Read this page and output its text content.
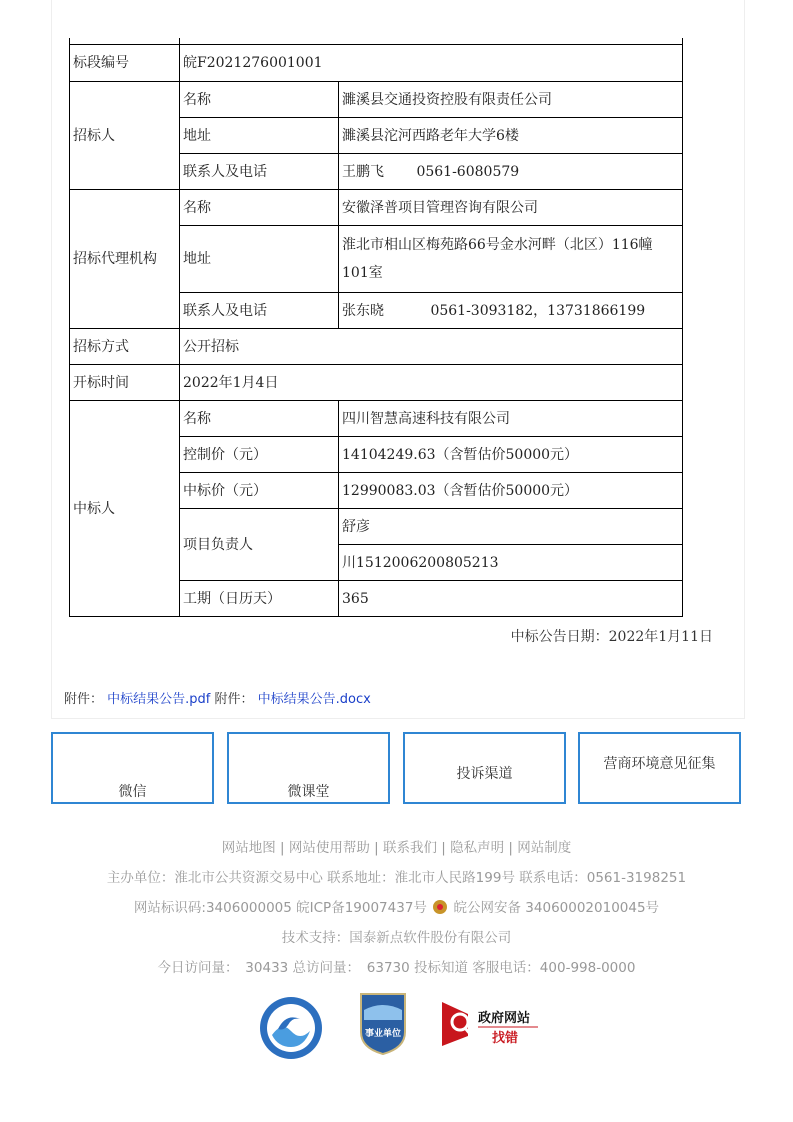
标段编号	皖F2021276001001	
招标人	名称	濉溪县交通投资控股有限责任公司
	地址	濉溪县沱河西路老年大学6楼
	联系人及电话	王鹏飞　　 0561-6080579
招标代理机构	名称	安徽泽普项目管理咨询有限公司
	地址	淮北市相山区梅苑路66号金水河畔（北区）116幢101室
	联系人及电话	张东晓　　　 0561-3093182，13731866199
招标方式	公开招标	
开标时间	2022年1月4日	
中标人	名称	四川智慧高速科技有限公司
	控制价（元）	14104249.63（含暂估价50000元）
	中标价（元）	12990083.03（含暂估价50000元）
	项目负责人	舒彦
		川1512006200805213
	工期（日历天）	365
中标公告日期：2022年1月11日
附件： 中标结果公告.pdf 附件： 中标结果公告.docx
微信	微课堂
投诉渠道
营商环境意见征集
网站地图 | 网站使用帮助 | 联系我们 | 隐私声明 | 网站制度
主办单位：淮北市公共资源交易中心 联系地址：淮北市人民路199号 联系电话：0561-3198251
网站标识码:3406000005 皖ICP备19007437号 皖公网安备 34060002010045号
技术支持：国泰新点软件股份有限公司
今日访问量：　30433 总访问量：　63730 投标知道 客服电话：400-998-0000
事业单位
政府网站
找错
